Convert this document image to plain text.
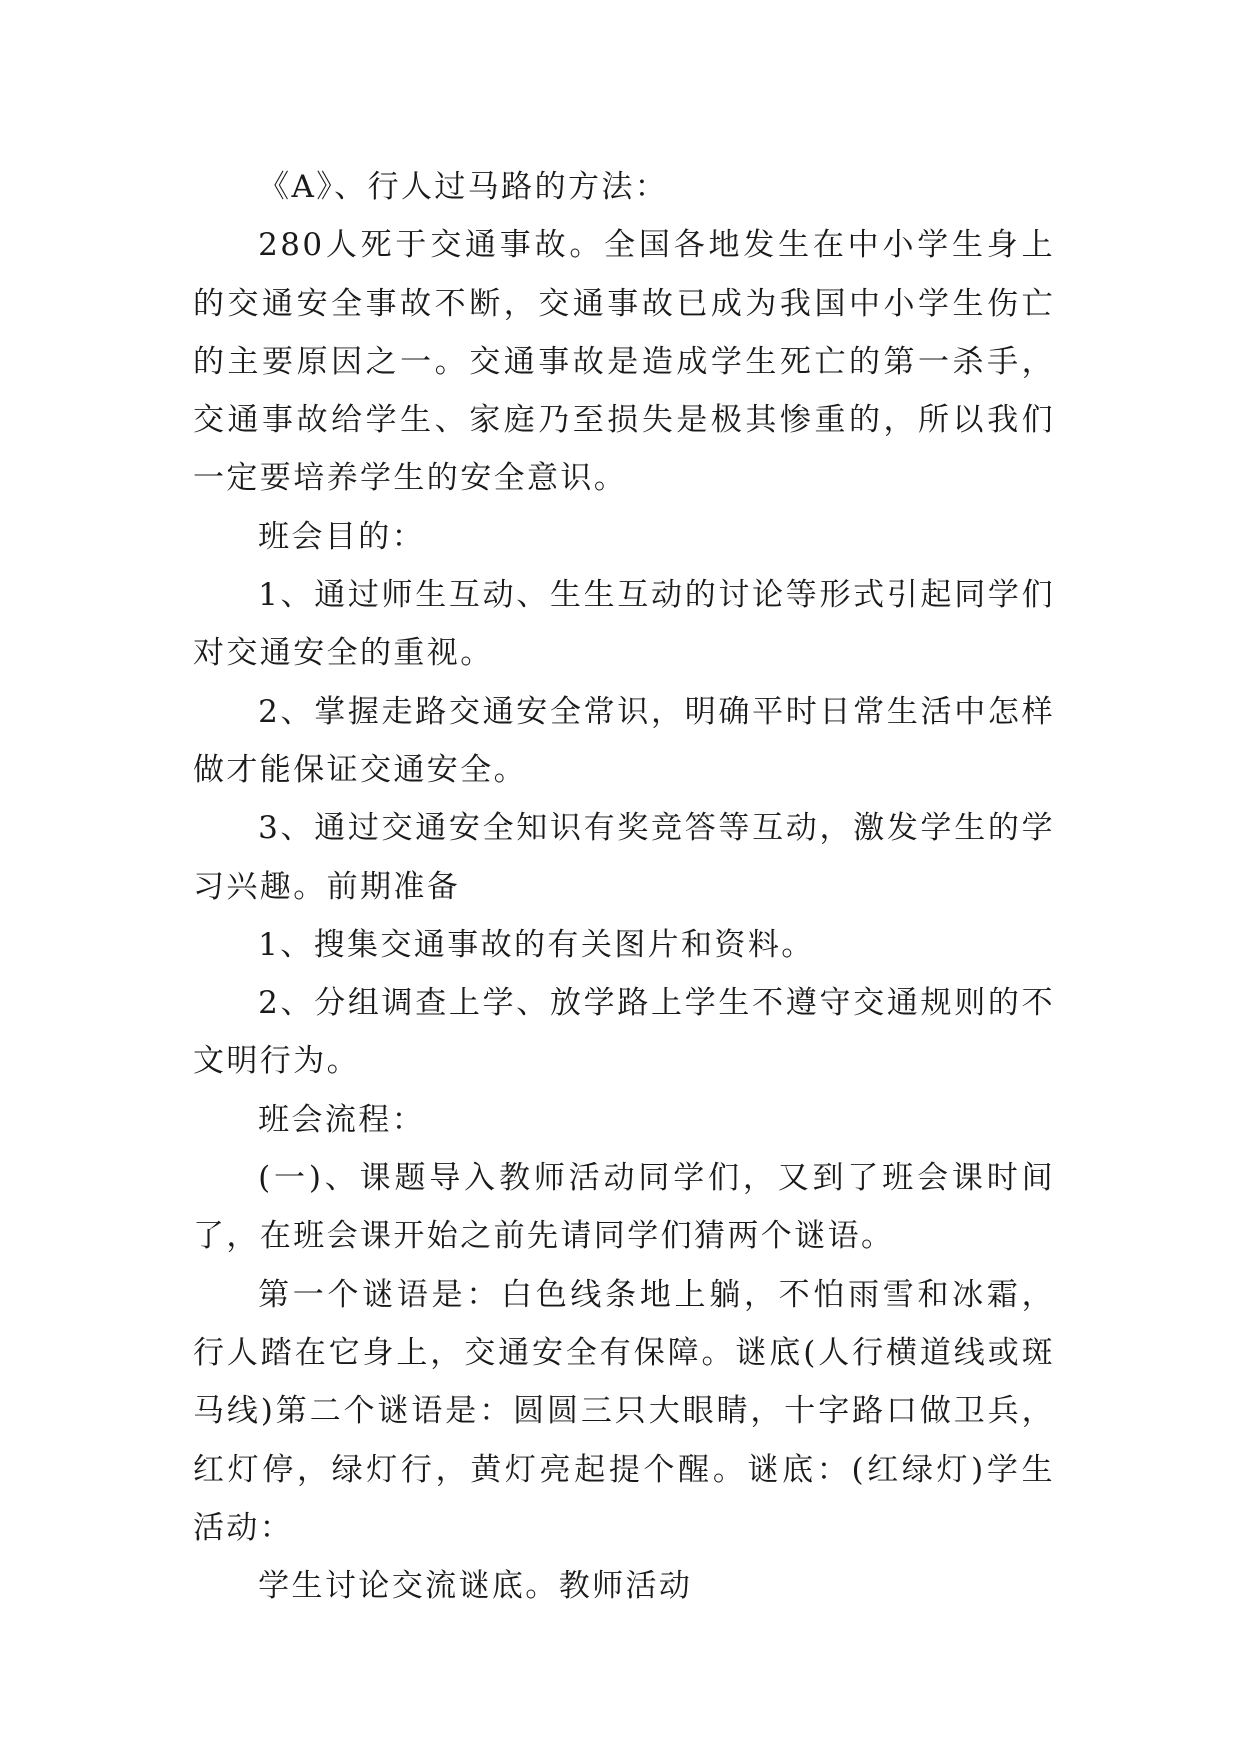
《A》、行人过马路的方法：

280人死于交通事故。全国各地发生在中小学生身上的交通安全事故不断，交通事故已成为我国中小学生伤亡的主要原因之一。交通事故是造成学生死亡的第一杀手，交通事故给学生、家庭乃至损失是极其惨重的，所以我们一定要培养学生的安全意识。

班会目的：

1、通过师生互动、生生互动的讨论等形式引起同学们对交通安全的重视。

2、掌握走路交通安全常识，明确平时日常生活中怎样做才能保证交通安全。

3、通过交通安全知识有奖竞答等互动，激发学生的学习兴趣。前期准备

1、搜集交通事故的有关图片和资料。

2、分组调查上学、放学路上学生不遵守交通规则的不文明行为。

班会流程：

(一)、课题导入教师活动同学们，又到了班会课时间了，在班会课开始之前先请同学们猜两个谜语。

第一个谜语是：白色线条地上躺，不怕雨雪和冰霜，行人踏在它身上，交通安全有保障。谜底(人行横道线或斑马线)第二个谜语是：圆圆三只大眼睛，十字路口做卫兵，红灯停，绿灯行，黄灯亮起提个醒。谜底：(红绿灯)学生活动：

学生讨论交流谜底。教师活动
